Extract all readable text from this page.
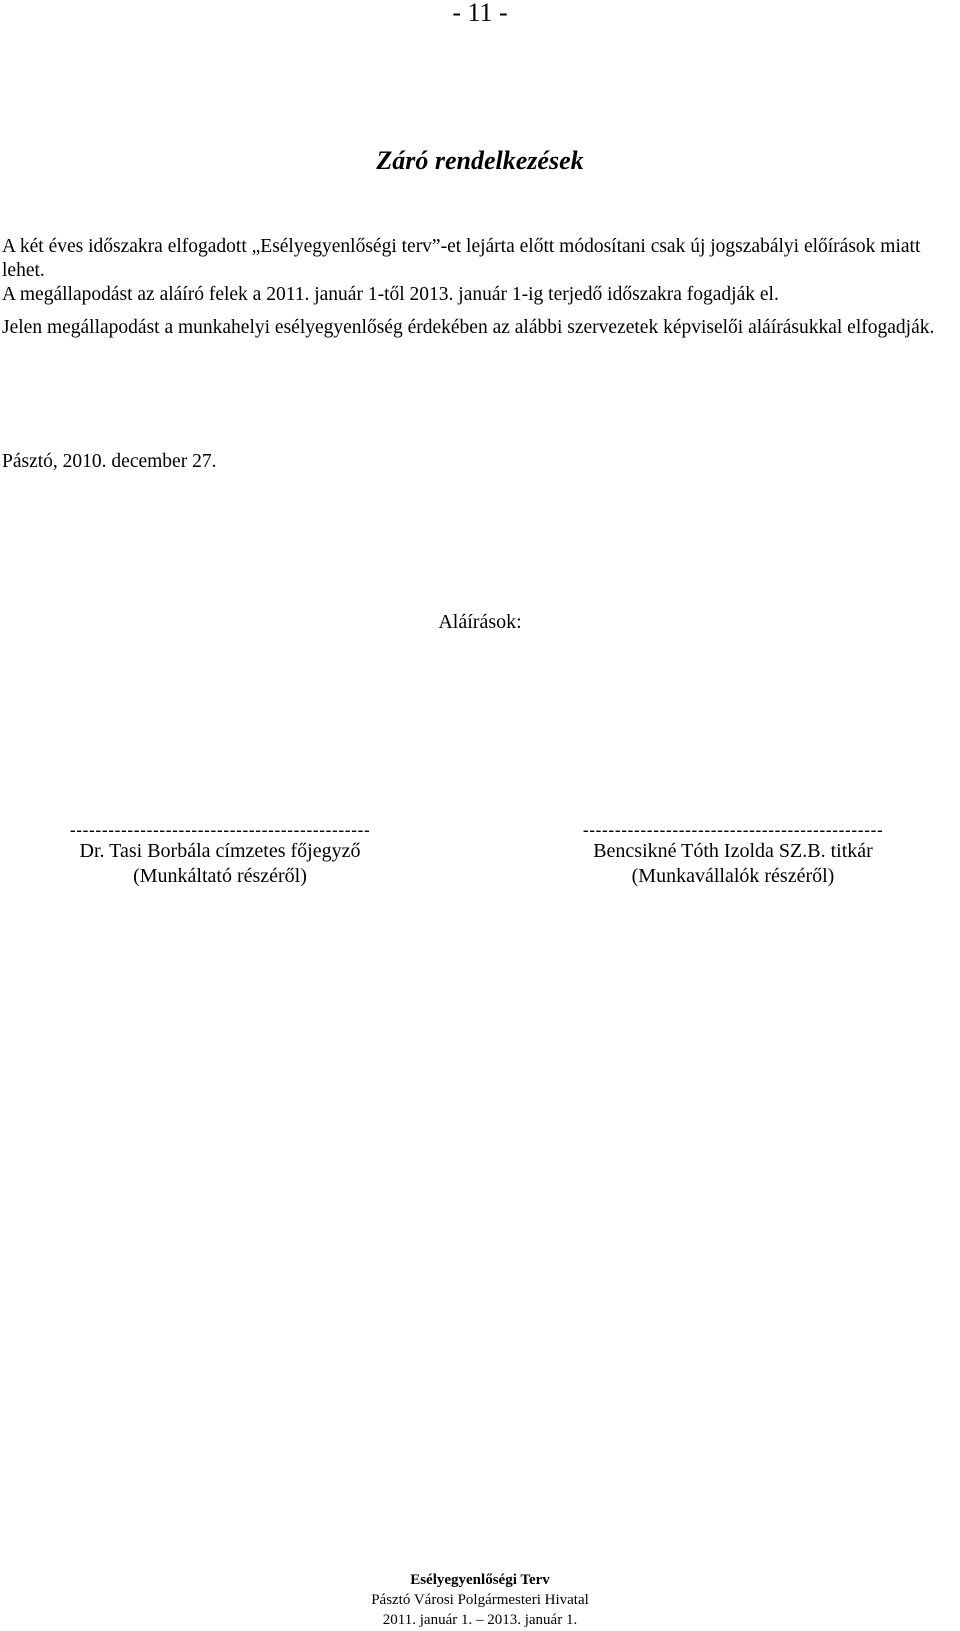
- 11 -
Záró rendelkezések

A két éves időszakra elfogadott „Esélyegyenlőségi terv”-et lejárta előtt módosítani csak új jogszabályi előírások miatt lehet.

A megállapodást az aláíró felek a 2011. január 1-től 2013. január 1-ig terjedő időszakra fogadják el.

Jelen megállapodást a munkahelyi esélyegyenlőség érdekében az alábbi szervezetek képviselői aláírásukkal elfogadják.

Pásztó, 2010. december 27.

Aláírások:
-----------------------------------------------
Dr. Tasi Borbála címzetes főjegyző
(Munkáltató részéről)
-----------------------------------------------
Bencsikné Tóth Izolda SZ.B. titkár
(Munkavállalók részéről)
Esélyegyenlőségi Terv
Pásztó Városi Polgármesteri Hivatal
2011. január 1. – 2013. január 1.
